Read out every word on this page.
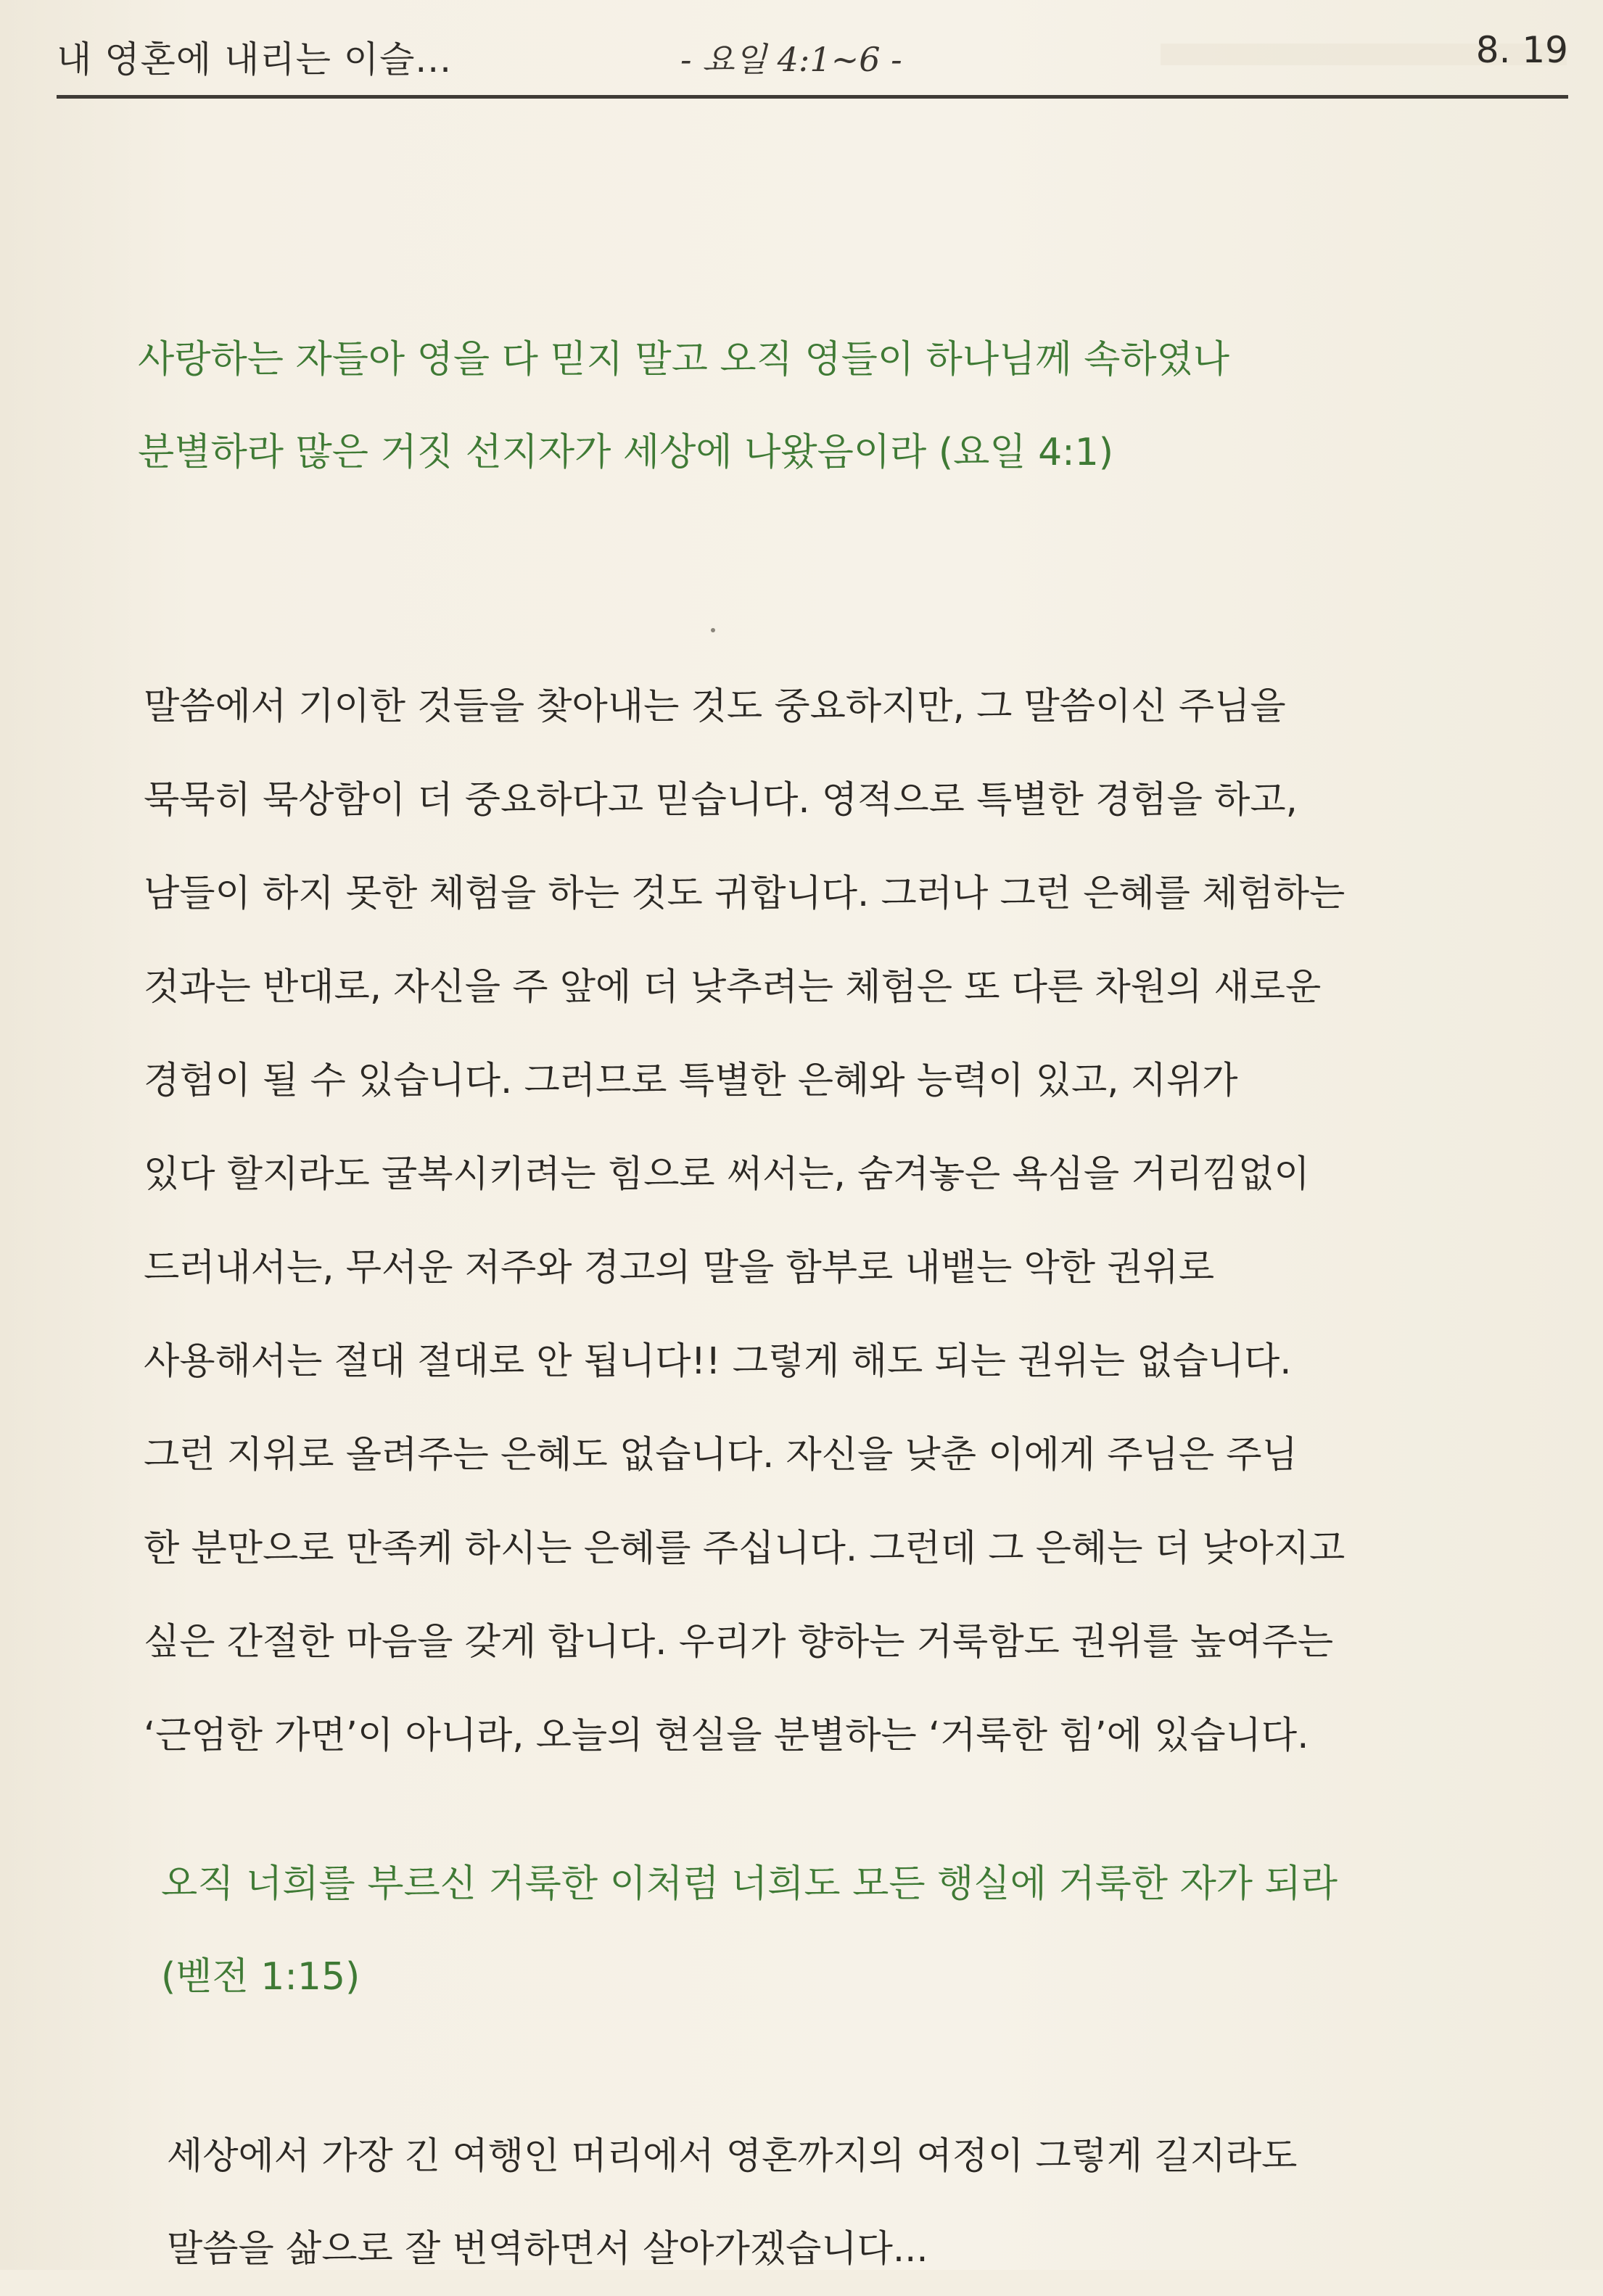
내 영혼에 내리는 이슬...	- 요일 4:1~6 -	8. 19

사랑하는 자들아 영을 다 믿지 말고 오직 영들이 하나님께 속하였나

분별하라 많은 거짓 선지자가 세상에 나왔음이라 (요일 4:1)

말씀에서 기이한 것들을 찾아내는 것도 중요하지만, 그 말씀이신 주님을

묵묵히 묵상함이 더 중요하다고 믿습니다. 영적으로 특별한 경험을 하고,

남들이 하지 못한 체험을 하는 것도 귀합니다. 그러나 그런 은혜를 체험하는

것과는 반대로, 자신을 주 앞에 더 낮추려는 체험은 또 다른 차원의 새로운

경험이 될 수 있습니다. 그러므로 특별한 은혜와 능력이 있고, 지위가

있다 할지라도 굴복시키려는 힘으로 써서는, 숨겨놓은 욕심을 거리낌없이

드러내서는, 무서운 저주와 경고의 말을 함부로 내뱉는 악한 권위로

사용해서는 절대 절대로 안 됩니다!! 그렇게 해도 되는 권위는 없습니다.

그런 지위로 올려주는 은혜도 없습니다. 자신을 낮춘 이에게 주님은 주님

한 분만으로 만족케 하시는 은혜를 주십니다. 그런데 그 은혜는 더 낮아지고

싶은 간절한 마음을 갖게 합니다. 우리가 향하는 거룩함도 권위를 높여주는

‘근엄한 가면’이 아니라, 오늘의 현실을 분별하는 ‘거룩한 힘’에 있습니다.

오직 너희를 부르신 거룩한 이처럼 너희도 모든 행실에 거룩한 자가 되라

(벧전 1:15)

세상에서 가장 긴 여행인 머리에서 영혼까지의 여정이 그렇게 길지라도

말씀을 삶으로 잘 번역하면서 살아가겠습니다...
